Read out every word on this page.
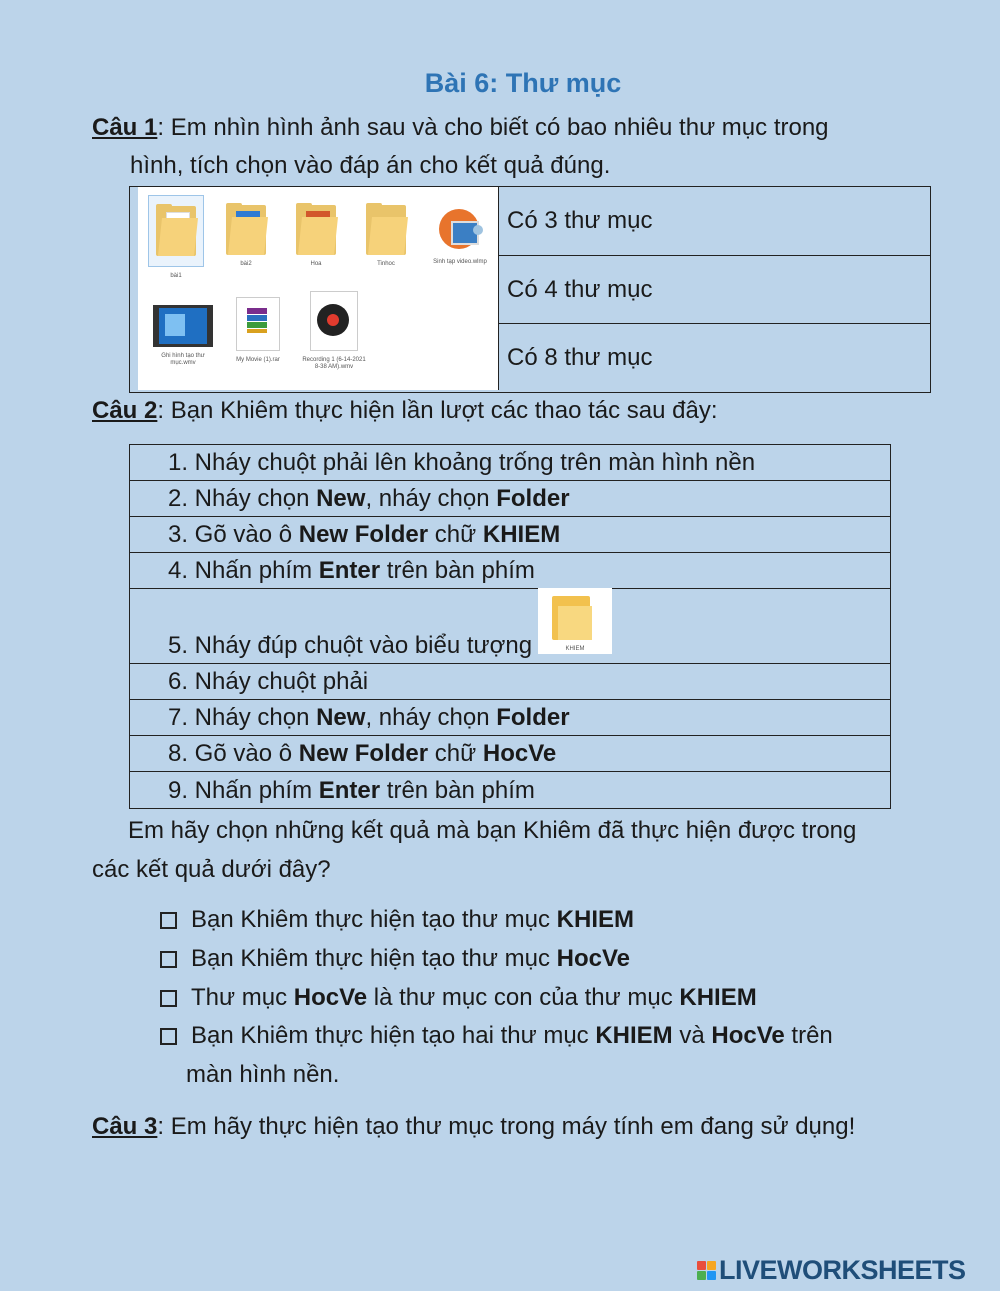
Bài 6: Thư mục
Câu 1: Em nhìn hình ảnh sau và cho biết có bao nhiêu thư mục trong
hình, tích chọn vào đáp án cho kết quả đúng.
bài1
bài2	Hoa	Tinhoc	Sinh tạp video.wlmp
Ghi hình tạo thư mục.wmv	My Movie (1).rar	Recording 1 (6-14-2021 8-38 AM).wmv
Có 3 thư mục
Có 4 thư mục
Có 8 thư mục
Câu 2: Bạn Khiêm thực hiện lần lượt các thao tác sau đây:
1. Nháy chuột phải lên khoảng trống trên màn hình nền
2. Nháy chọn New, nháy chọn Folder
3. Gõ vào ô New Folder chữ KHIEM
4. Nhấn phím Enter trên bàn phím
5. Nháy đúp chuột vào biểu tượng	KHIEM
6. Nháy chuột phải
7. Nháy chọn New, nháy chọn Folder
8. Gõ vào ô New Folder chữ HocVe
9. Nhấn phím Enter trên bàn phím
Em hãy chọn những kết quả mà bạn Khiêm đã thực hiện được trong
các kết quả dưới đây?
Bạn Khiêm thực hiện tạo thư mục KHIEM
Bạn Khiêm thực hiện tạo thư mục HocVe
Thư mục HocVe là thư mục con của thư mục KHIEM
Bạn Khiêm thực hiện tạo hai thư mục KHIEM và HocVe trên
màn hình nền.
Câu 3: Em hãy thực hiện tạo thư mục trong máy tính em đang sử dụng!
LIVEWORKSHEETS
